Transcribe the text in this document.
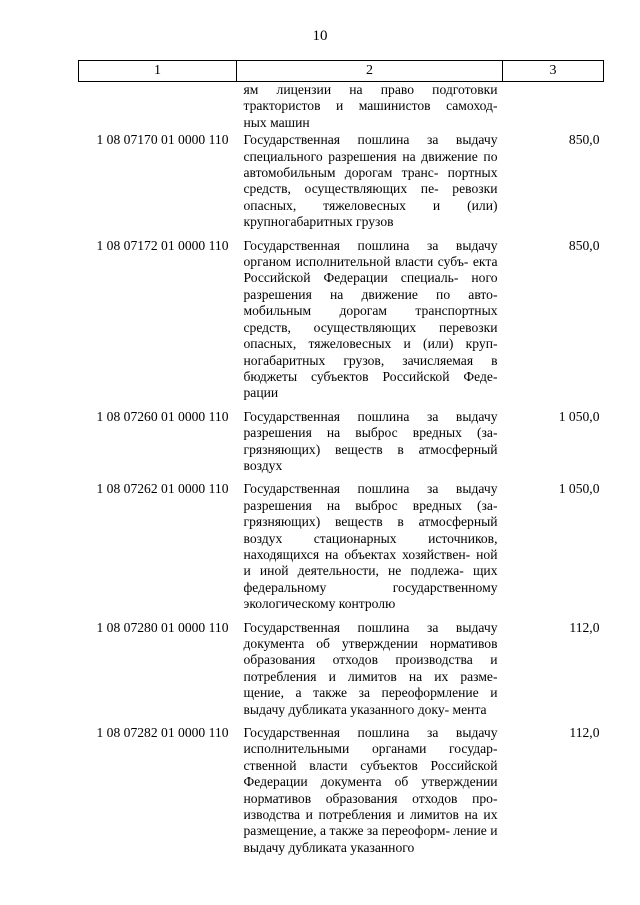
10
1	2	3

	ям лицензии на право подготовки
трактористов и машинистов самоход-
ных машин	

1 08 07170 01 0000 110	Государственная пошлина за выдачу специального разрешения на движение по автомобильным дорогам транс- портных средств, осуществляющих пе- ревозки опасных, тяжеловесных и (или) крупногабаритных грузов	850,0
1 08 07172 01 0000 110	Государственная пошлина за выдачу органом исполнительной власти субъ- екта Российской Федерации специаль- ного разрешения на движение по авто- мобильным дорогам транспортных средств, осуществляющих перевозки опасных, тяжеловесных и (или) круп- ногабаритных грузов, зачисляемая в бюджеты субъектов Российской Феде- рации	850,0
1 08 07260 01 0000 110	Государственная пошлина за выдачу разрешения на выброс вредных (за- грязняющих) веществ в атмосферный воздух	1 050,0
1 08 07262 01 0000 110	Государственная пошлина за выдачу разрешения на выброс вредных (за- грязняющих) веществ в атмосферный воздух стационарных источников, находящихся на объектах хозяйствен- ной и иной деятельности, не подлежа- щих федеральному государственному экологическому контролю	1 050,0
1 08 07280 01 0000 110	Государственная пошлина за выдачу документа об утверждении нормативов образования отходов производства и потребления и лимитов на их разме- щение, а также за переоформление и выдачу дубликата указанного доку- мента	112,0
1 08 07282 01 0000 110	Государственная пошлина за выдачу исполнительными органами государ- ственной власти субъектов Российской Федерации документа об утверждении нормативов образования отходов про- изводства и потребления и лимитов на их размещение, а также за переоформ- ление и выдачу дубликата указанного	112,0
